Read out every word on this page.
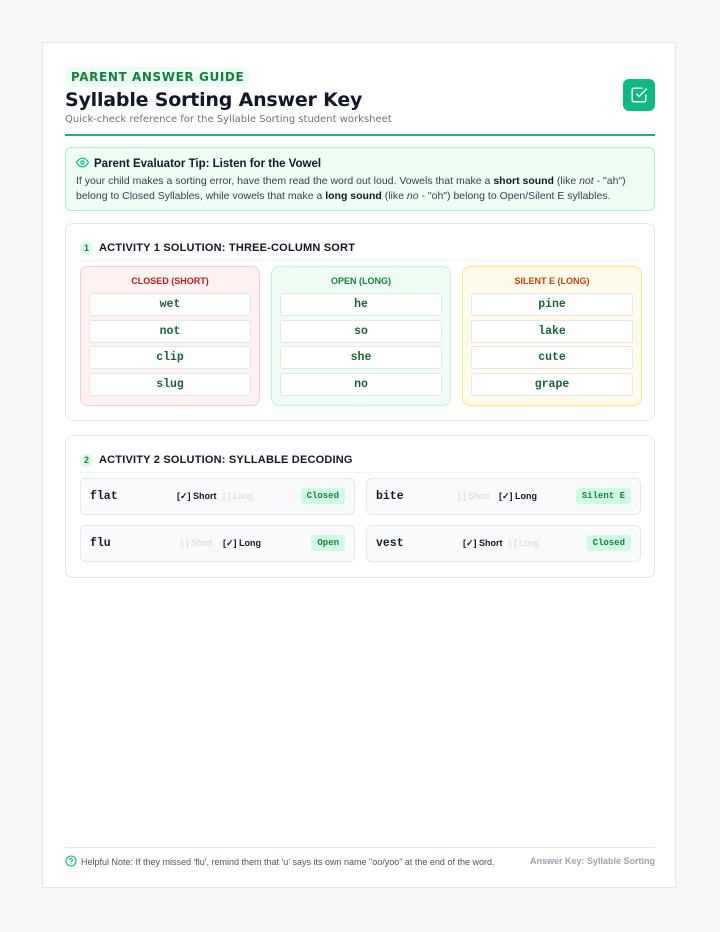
PARENT ANSWER GUIDE
Syllable Sorting Answer Key
Quick-check reference for the Syllable Sorting student worksheet
Parent Evaluator Tip: Listen for the Vowel
If your child makes a sorting error, have them read the word out loud. Vowels that make a short sound (like not - "ah")
belong to Closed Syllables, while vowels that make a long sound (like no - "oh") belong to Open/Silent E syllables.
1 ACTIVITY 1 SOLUTION: THREE-COLUMN SORT
CLOSED (SHORT)
wet
not
clip
slug
OPEN (LONG)
he
so
she
no
SILENT E (LONG)
pine
lake
cute
grape
2 ACTIVITY 2 SOLUTION: SYLLABLE DECODING
flat	[✓] Short [ ] Long	Closed	bite	[ ] Short [✓] Long	Silent E
flu	[ ] Short [✓] Long	Open	vest	[✓] Short [ ] Long	Closed
Helpful Note: If they missed 'flu', remind them that 'u' says its own name "oo/yoo" at the end of the word.	Answer Key: Syllable Sorting
